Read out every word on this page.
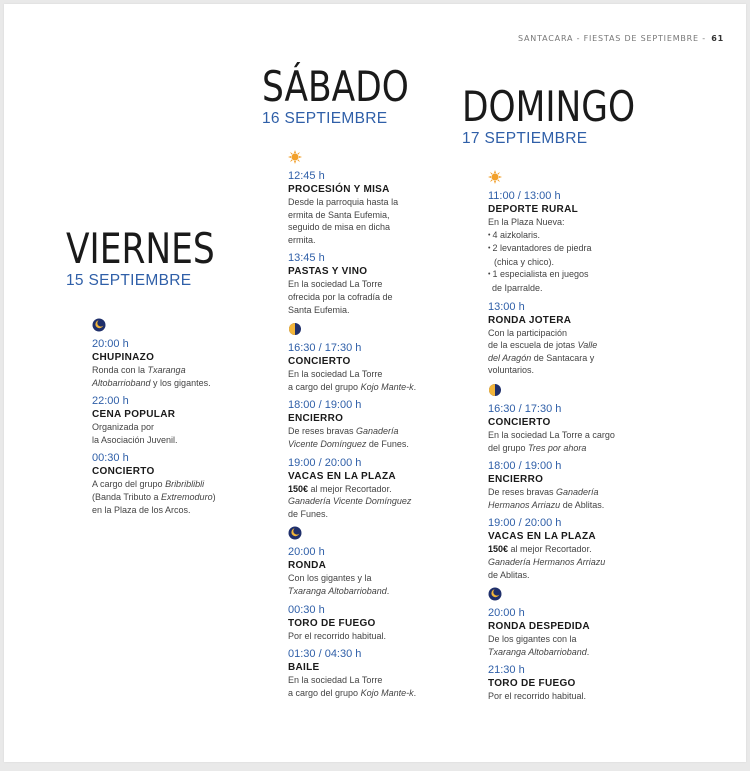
SANTACARA - FIESTAS DE SEPTIEMBRE - 61
VIERNES
15 SEPTIEMBRE
SÁBADO
16 SEPTIEMBRE	DOMINGO
17 SEPTIEMBRE
20:00 h
CHUPINAZO
Ronda con la Txaranga
Altobarrioband y los gigantes.
22:00 h
CENA POPULAR
Organizada por
la Asociación Juvenil.
00:30 h
CONCIERTO
A cargo del grupo Bribriblibli
(Banda Tributo a Extremoduro)
en la Plaza de los Arcos.
12:45 h
PROCESIÓN Y MISA
Desde la parroquia hasta la
ermita de Santa Eufemia,
seguido de misa en dicha
ermita.
13:45 h
PASTAS Y VINO
En la sociedad La Torre
ofrecida por la cofradía de
Santa Eufemia.
16:30 / 17:30 h
CONCIERTO
En la sociedad La Torre
a cargo del grupo Kojo Mante-k.
18:00 / 19:00 h
ENCIERRO
De reses bravas Ganadería
Vicente Domínguez de Funes.
19:00 / 20:00 h
VACAS EN LA PLAZA
150€ al mejor Recortador.
Ganadería Vicente Domínguez
de Funes.
20:00 h
RONDA
Con los gigantes y la
Txaranga Altobarrioband.
00:30 h
TORO DE FUEGO
Por el recorrido habitual.
01:30 / 04:30 h
BAILE
En la sociedad La Torre
a cargo del grupo Kojo Mante-k.
11:00 / 13:00 h
DEPORTE RURAL
En la Plaza Nueva:
• 4 aizkolaris.
• 2 levantadores de piedra
(chica y chico).
• 1 especialista en juegos
de Iparralde.
13:00 h
RONDA JOTERA
Con la participación
de la escuela de jotas Valle
del Aragón de Santacara y
voluntarios.
16:30 / 17:30 h
CONCIERTO
En la sociedad La Torre a cargo
del grupo Tres por ahora
18:00 / 19:00 h
ENCIERRO
De reses bravas Ganadería
Hermanos Arriazu de Ablitas.
19:00 / 20:00 h
VACAS EN LA PLAZA
150€ al mejor Recortador.
Ganadería Hermanos Arriazu
de Ablitas.
20:00 h
RONDA DESPEDIDA
De los gigantes con la
Txaranga Altobarrioband.
21:30 h
TORO DE FUEGO
Por el recorrido habitual.
